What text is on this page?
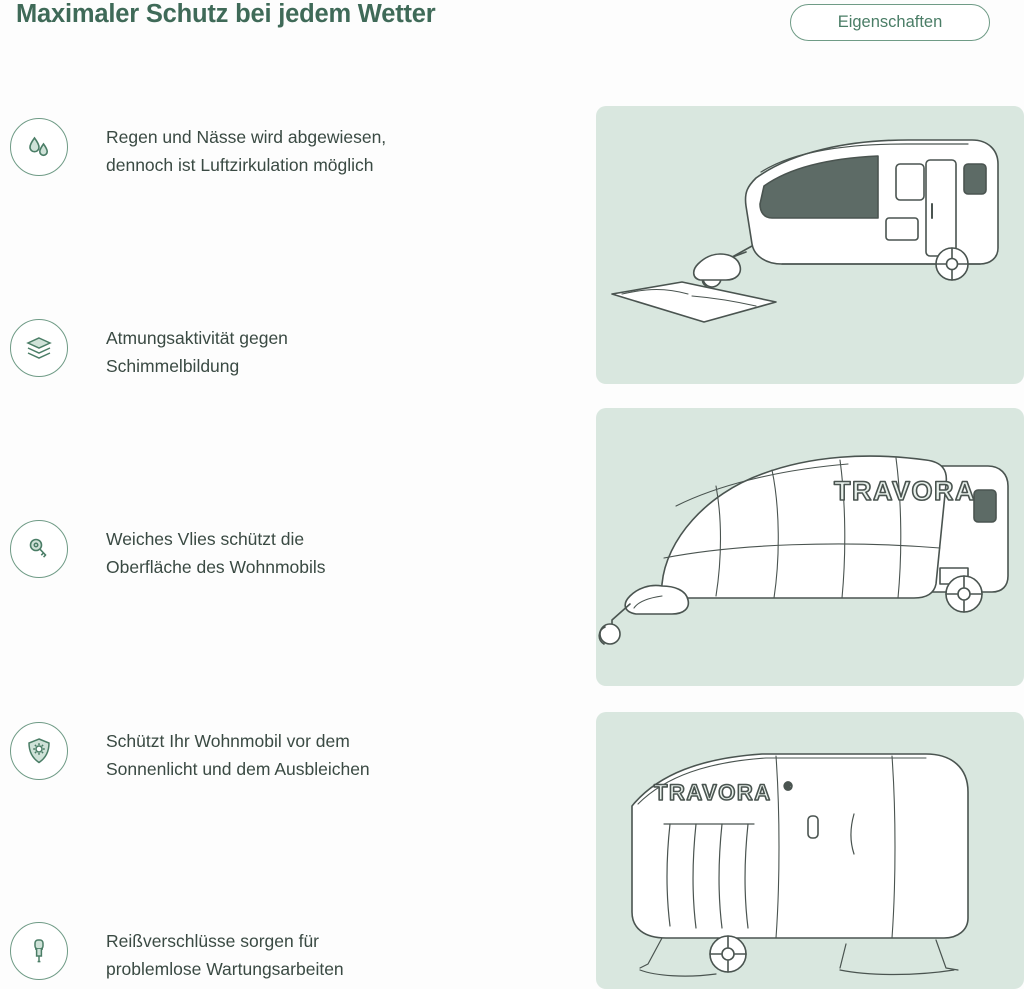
Maximaler Schutz bei jedem Wetter	Eigenschaften
Regen und Nässe wird abgewiesen,
dennoch ist Luftzirkulation möglich
Atmungsaktivität gegen
Schimmelbildung
Weiches Vlies schützt die
Oberfläche des Wohnmobils
Schützt Ihr Wohnmobil vor dem
Sonnenlicht und dem Ausbleichen
Reißverschlüsse sorgen für
problemlose Wartungsarbeiten
TRAVORA
TRAVORA ®
